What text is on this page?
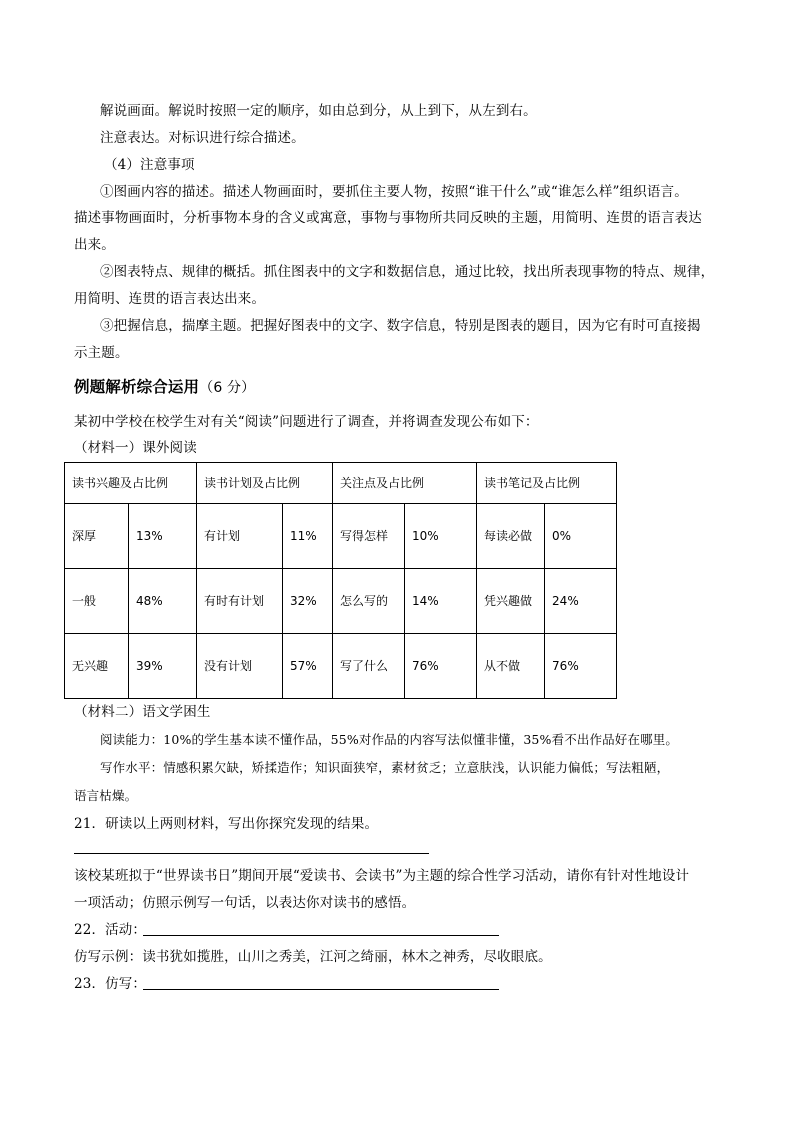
解说画面。解说时按照一定的顺序，如由总到分，从上到下，从左到右。
注意表达。对标识进行综合描述。
（4）注意事项
①图画内容的描述。描述人物画面时，要抓住主要人物，按照“谁干什么”或“谁怎么样”组织语言。
描述事物画面时，分析事物本身的含义或寓意，事物与事物所共同反映的主题，用简明、连贯的语言表达
出来。
②图表特点、规律的概括。抓住图表中的文字和数据信息，通过比较，找出所表现事物的特点、规律，
用简明、连贯的语言表达出来。
③把握信息，揣摩主题。把握好图表中的文字、数字信息，特别是图表的题目，因为它有时可直接揭
示主题。
例题解析综合运用（6 分）
某初中学校在校学生对有关“阅读”问题进行了调查，并将调查发现公布如下：
（材料一）课外阅读
读书兴趣及占比例		读书计划及占比例		关注点及占比例		读书笔记及占比例	
深厚	13%	有计划	11%	写得怎样	10%	每读必做	0%
一般	48%	有时有计划	32%	怎么写的	14%	凭兴趣做	24%
无兴趣	39%	没有计划	57%	写了什么	76%	从不做	76%
（材料二）语文学困生
阅读能力：10%的学生基本读不懂作品，55%对作品的内容写法似懂非懂，35%看不出作品好在哪里。
写作水平：情感积累欠缺，矫揉造作；知识面狭窄，素材贫乏；立意肤浅，认识能力偏低；写法粗陋，
语言枯燥。
21．研读以上两则材料，写出你探究发现的结果。
该校某班拟于“世界读书日”期间开展“爱读书、会读书”为主题的综合性学习活动，请你有针对性地设计
一项活动；仿照示例写一句话，以表达你对读书的感悟。
22．活动：
仿写示例：读书犹如揽胜，山川之秀美，江河之绮丽，林木之神秀，尽收眼底。
23．仿写：
